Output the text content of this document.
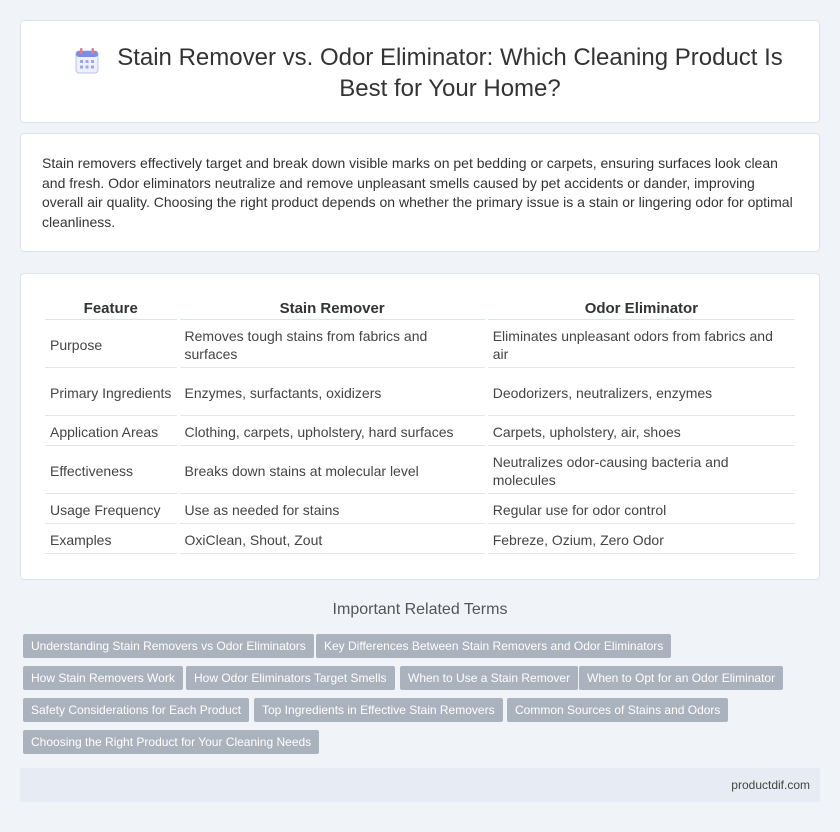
Stain Remover vs. Odor Eliminator: Which Cleaning Product Is Best for Your Home?

Stain removers effectively target and break down visible marks on pet bedding or carpets, ensuring surfaces look clean and fresh. Odor eliminators neutralize and remove unpleasant smells caused by pet accidents or dander, improving overall air quality. Choosing the right product depends on whether the primary issue is a stain or lingering odor for optimal cleanliness.

Feature	Stain Remover	Odor Eliminator
Purpose	Removes tough stains from fabrics and surfaces	Eliminates unpleasant odors from fabrics and air
Primary Ingredients	Enzymes, surfactants, oxidizers	Deodorizers, neutralizers, enzymes
Application Areas	Clothing, carpets, upholstery, hard surfaces	Carpets, upholstery, air, shoes
Effectiveness	Breaks down stains at molecular level	Neutralizes odor-causing bacteria and molecules
Usage Frequency	Use as needed for stains	Regular use for odor control
Examples	OxiClean, Shout, Zout	Febreze, Ozium, Zero Odor
Important Related Terms
Understanding Stain Removers vs Odor Eliminators	Key Differences Between Stain Removers and Odor Eliminators
How Stain Removers Work	How Odor Eliminators Target Smells	When to Use a Stain Remover	When to Opt for an Odor Eliminator
Safety Considerations for Each Product	Top Ingredients in Effective Stain Removers	Common Sources of Stains and Odors
Choosing the Right Product for Your Cleaning Needs
productdif.com
